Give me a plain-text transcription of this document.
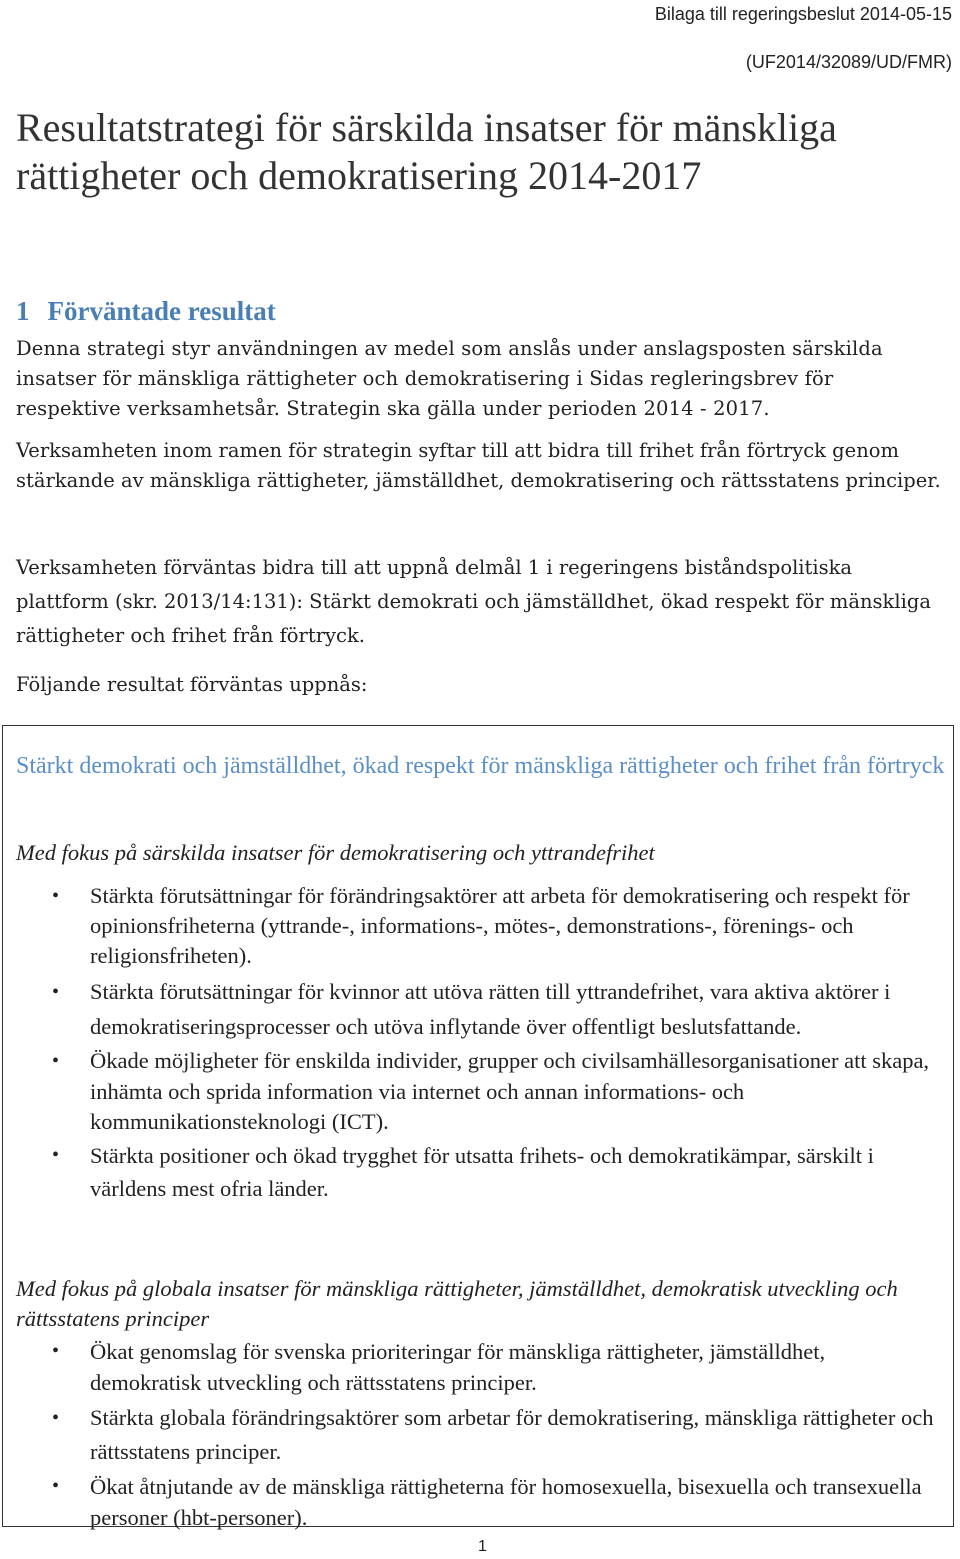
Bilaga till regeringsbeslut 2014-05-15
(UF2014/32089/UD/FMR)
Resultatstrategi för särskilda insatser för mänskliga rättigheter och demokratisering 2014-2017
1 Förväntade resultat

Denna strategi styr användningen av medel som anslås under anslagsposten särskilda insatser för mänskliga rättigheter och demokratisering i Sidas regleringsbrev för respektive verksamhetsår. Strategin ska gälla under perioden 2014 - 2017.

Verksamheten inom ramen för strategin syftar till att bidra till frihet från förtryck genom stärkande av mänskliga rättigheter, jämställdhet, demokratisering och rättsstatens principer.

Verksamheten förväntas bidra till att uppnå delmål 1 i regeringens biståndspolitiska plattform (skr. 2013/14:131): Stärkt demokrati och jämställdhet, ökad respekt för mänskliga rättigheter och frihet från förtryck.

Följande resultat förväntas uppnås:

Stärkt demokrati och jämställdhet, ökad respekt för mänskliga rättigheter och frihet från förtryck

Med fokus på särskilda insatser för demokratisering och yttrandefrihet

• Stärkta förutsättningar för förändringsaktörer att arbeta för demokratisering och respekt för opinionsfriheterna (yttrande-, informations-, mötes-, demonstrations-, förenings- och religionsfriheten).
• Stärkta förutsättningar för kvinnor att utöva rätten till yttrandefrihet, vara aktiva aktörer i demokratiseringsprocesser och utöva inflytande över offentligt beslutsfattande.
• Ökade möjligheter för enskilda individer, grupper och civilsamhällesorganisationer att skapa, inhämta och sprida information via internet och annan informations- och kommunikationsteknologi (ICT).
• Stärkta positioner och ökad trygghet för utsatta frihets- och demokratikämpar, särskilt i världens mest ofria länder.

Med fokus på globala insatser för mänskliga rättigheter, jämställdhet, demokratisk utveckling och rättsstatens principer

• Ökat genomslag för svenska prioriteringar för mänskliga rättigheter, jämställdhet, demokratisk utveckling och rättsstatens principer.
• Stärkta globala förändringsaktörer som arbetar för demokratisering, mänskliga rättigheter och rättsstatens principer.
• Ökat åtnjutande av de mänskliga rättigheterna för homosexuella, bisexuella och transexuella personer (hbt-personer).
1
